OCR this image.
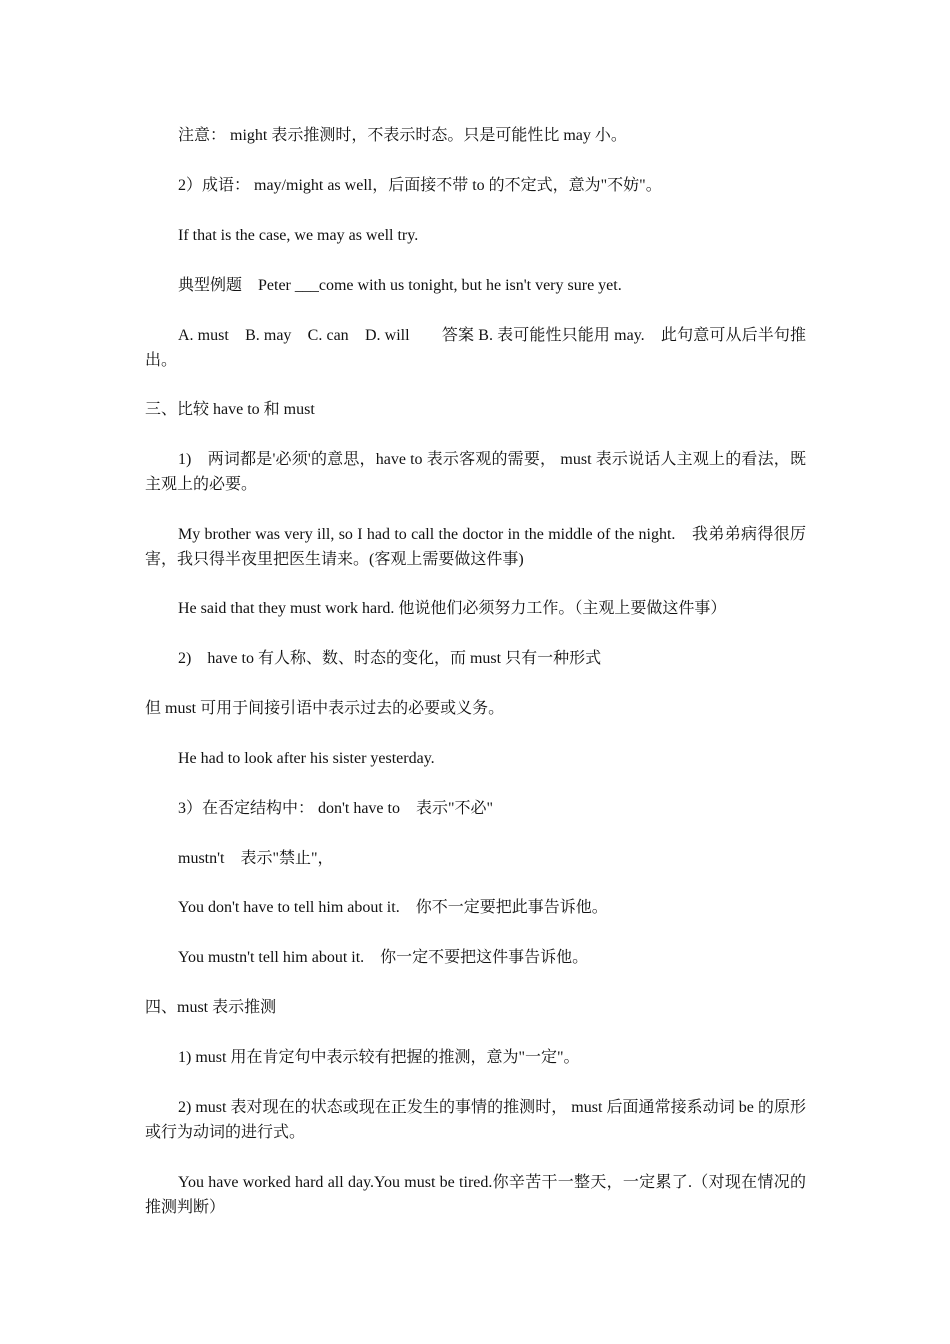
注意： might 表示推测时，不表示时态。只是可能性比 may 小。

2）成语： may/might as well，后面接不带 to 的不定式，意为"不妨"。

If that is the case, we may as well try.

典型例题　Peter ___come with us tonight, but he isn't very sure yet.

A. must　B. may　C. can　D. will　　答案 B. 表可能性只能用 may.　此句意可从后半句推出。

三、比较 have to 和 must

1)　两词都是'必须'的意思，have to 表示客观的需要， must 表示说话人主观上的看法，既主观上的必要。

My brother was very ill, so I had to call the doctor in the middle of the night.　我弟弟病得很厉害，我只得半夜里把医生请来。(客观上需要做这件事)

He said that they must work hard. 他说他们必须努力工作。（主观上要做这件事）

2)　have to 有人称、数、时态的变化，而 must 只有一种形式

但 must 可用于间接引语中表示过去的必要或义务。

He had to look after his sister yesterday.

3）在否定结构中： don't have to　表示"不必"

mustn't　表示"禁止"，

You don't have to tell him about it.　你不一定要把此事告诉他。

You mustn't tell him about it.　你一定不要把这件事告诉他。

四、must 表示推测

1) must 用在肯定句中表示较有把握的推测，意为"一定"。

2) must 表对现在的状态或现在正发生的事情的推测时， must 后面通常接系动词 be 的原形或行为动词的进行式。

You have worked hard all day.You must be tired.你辛苦干一整天，一定累了.（对现在情况的推测判断）
